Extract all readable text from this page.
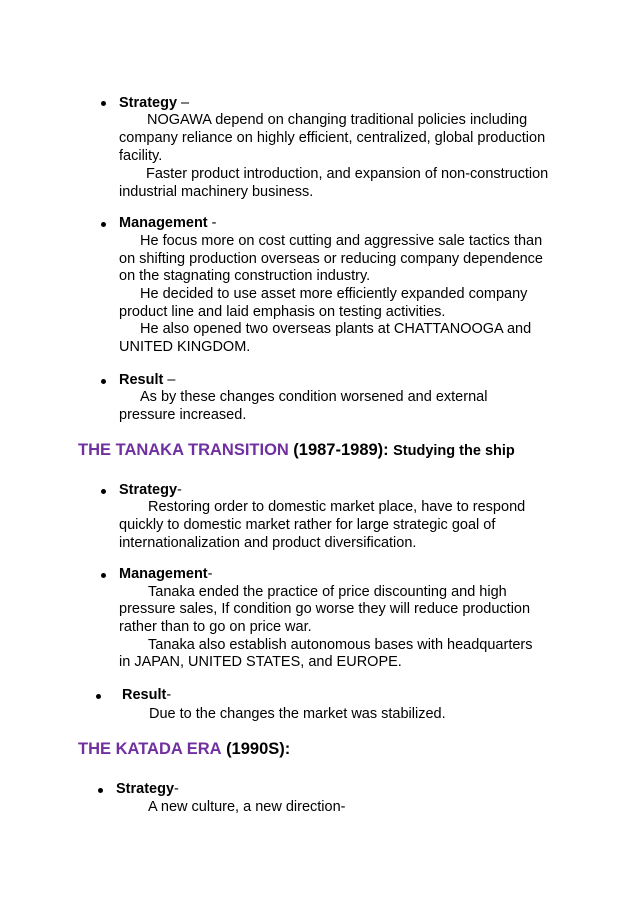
Strategy –
NOGAWA depend on changing traditional policies including
company reliance on highly efficient, centralized, global production
facility.
Faster product introduction, and expansion of non-construction
industrial machinery business.
Management -
He focus more on cost cutting and aggressive sale tactics than
on shifting production overseas or reducing company dependence
on the stagnating construction industry.
He decided to use asset more efficiently expanded company
product line and laid emphasis on testing activities.
He also opened two overseas plants at CHATTANOOGA and
UNITED KINGDOM.
Result –
As by these changes condition worsened and external
pressure increased.
THE TANAKA TRANSITION (1987-1989): Studying the ship
Strategy-
Restoring order to domestic market place, have to respond
quickly to domestic market rather for large strategic goal of
internationalization and product diversification.
Management-
Tanaka ended the practice of price discounting and high
pressure sales, If condition go worse they will reduce production
rather than to go on price war.
Tanaka also establish autonomous bases with headquarters
in JAPAN, UNITED STATES, and EUROPE.
Result-
Due to the changes the market was stabilized.
THE KATADA ERA (1990S):
Strategy-
A new culture, a new direction-
